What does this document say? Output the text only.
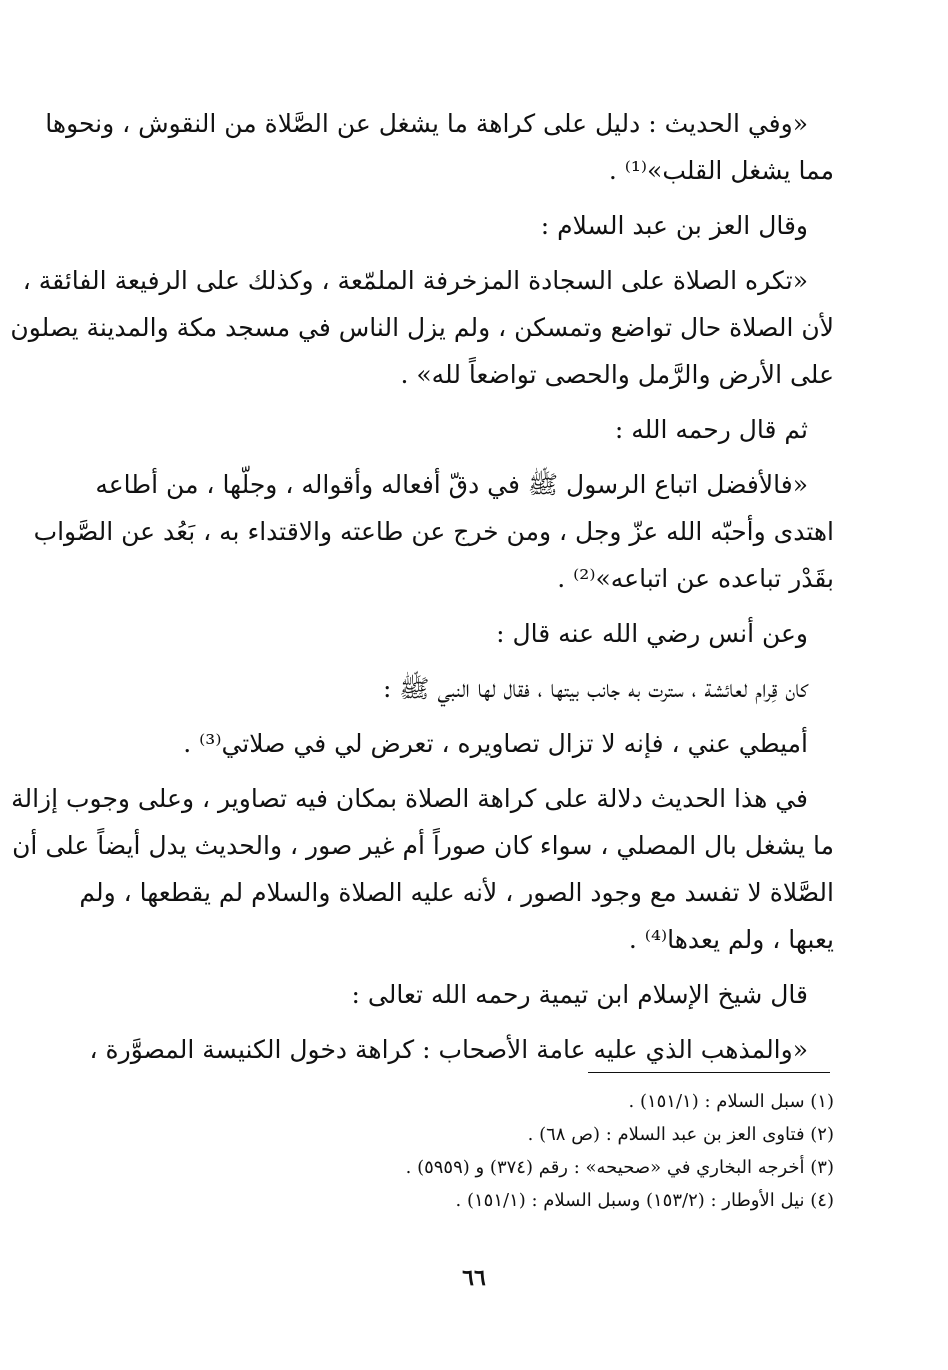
«وفي الحديث : دليل على كراهة ما يشغل عن الصَّلاة من النقوش ، ونحوها
مما يشغل القلب»⁽¹⁾ .
وقال العز بن عبد السلام :
«تكره الصلاة على السجادة المزخرفة الملمّعة ، وكذلك على الرفيعة الفائقة ،
لأن الصلاة حال تواضع وتمسكن ، ولم يزل الناس في مسجد مكة والمدينة يصلون
على الأرض والرَّمل والحصى تواضعاً لله» .
ثم قال رحمه الله :
«فالأفضل اتباع الرسول ﷺ في دقّ أفعاله وأقواله ، وجلّها ، من أطاعه
اهتدى وأحبّه الله عزّ وجل ، ومن خرج عن طاعته والاقتداء به ، بَعُد عن الصَّواب
بقَدْر تباعده عن اتباعه»⁽²⁾ .
وعن أنس رضي الله عنه قال :
كان قِرام لعائشة ، سترت به جانب بيتها ، فقال لها النبي ﷺ :
أميطي عني ، فإنه لا تزال تصاويره ، تعرض لي في صلاتي⁽³⁾ .
في هذا الحديث دلالة على كراهة الصلاة بمكان فيه تصاوير ، وعلى وجوب إزالة
ما يشغل بال المصلي ، سواء كان صوراً أم غير صور ، والحديث يدل أيضاً على أن
الصَّلاة لا تفسد مع وجود الصور ، لأنه عليه الصلاة والسلام لم يقطعها ، ولم
يعبها ، ولم يعدها⁽⁴⁾ .
قال شيخ الإسلام ابن تيمية رحمه الله تعالى :
«والمذهب الذي عليه عامة الأصحاب : كراهة دخول الكنيسة المصوَّرة ،
(١) سبل السلام : (١٥١/١) .
(٢) فتاوى العز بن عبد السلام : (ص ٦٨) .
(٣) أخرجه البخاري في «صحيحه» : رقم (٣٧٤) و (٥٩٥٩) .
(٤) نيل الأوطار : (١٥٣/٢) وسبل السلام : (١٥١/١) .
٦٦
